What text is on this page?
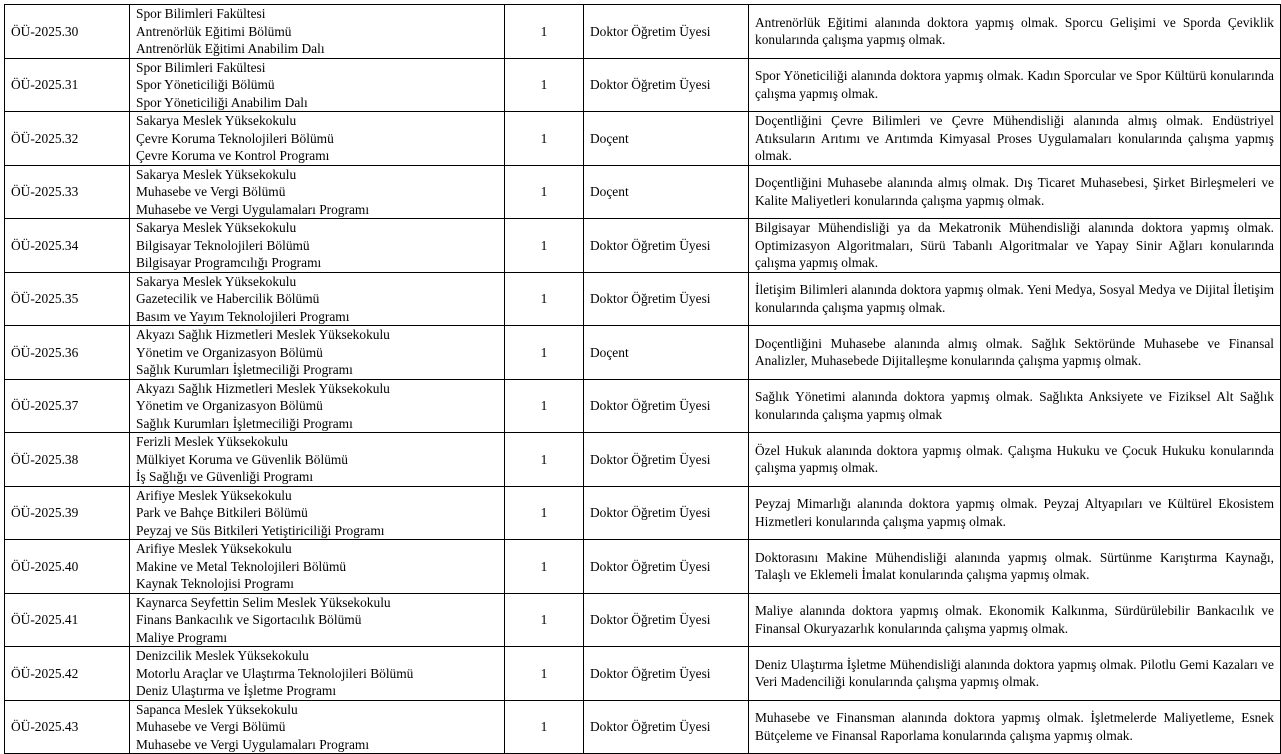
ÖÜ-2025.30	Spor Bilimleri Fakültesi
Antrenörlük Eğitimi Bölümü
Antrenörlük Eğitimi Anabilim Dalı	1	Doktor Öğretim Üyesi	Antrenörlük Eğitimi alanında doktora yapmış olmak. Sporcu Gelişimi ve Sporda Çeviklik konularında çalışma yapmış olmak.
ÖÜ-2025.31	Spor Bilimleri Fakültesi
Spor Yöneticiliği Bölümü
Spor Yöneticiliği Anabilim Dalı	1	Doktor Öğretim Üyesi	Spor Yöneticiliği alanında doktora yapmış olmak. Kadın Sporcular ve Spor Kültürü konularında çalışma yapmış olmak.
ÖÜ-2025.32	Sakarya Meslek Yüksekokulu
Çevre Koruma Teknolojileri Bölümü
Çevre Koruma ve Kontrol Programı	1	Doçent	Doçentliğini Çevre Bilimleri ve Çevre Mühendisliği alanında almış olmak. Endüstriyel Atıksuların Arıtımı ve Arıtımda Kimyasal Proses Uygulamaları konularında çalışma yapmış olmak.
ÖÜ-2025.33	Sakarya Meslek Yüksekokulu
Muhasebe ve Vergi Bölümü
Muhasebe ve Vergi Uygulamaları Programı	1	Doçent	Doçentliğini Muhasebe alanında almış olmak. Dış Ticaret Muhasebesi, Şirket Birleşmeleri ve Kalite Maliyetleri konularında çalışma yapmış olmak.
ÖÜ-2025.34	Sakarya Meslek Yüksekokulu
Bilgisayar Teknolojileri Bölümü
Bilgisayar Programcılığı Programı	1	Doktor Öğretim Üyesi	Bilgisayar Mühendisliği ya da Mekatronik Mühendisliği alanında doktora yapmış olmak. Optimizasyon Algoritmaları, Sürü Tabanlı Algoritmalar ve Yapay Sinir Ağları konularında çalışma yapmış olmak.
ÖÜ-2025.35	Sakarya Meslek Yüksekokulu
Gazetecilik ve Habercilik Bölümü
Basım ve Yayım Teknolojileri Programı	1	Doktor Öğretim Üyesi	İletişim Bilimleri alanında doktora yapmış olmak. Yeni Medya, Sosyal Medya ve Dijital İletişim konularında çalışma yapmış olmak.
ÖÜ-2025.36	Akyazı Sağlık Hizmetleri Meslek Yüksekokulu
Yönetim ve Organizasyon Bölümü
Sağlık Kurumları İşletmeciliği Programı	1	Doçent	Doçentliğini Muhasebe alanında almış olmak. Sağlık Sektöründe Muhasebe ve Finansal Analizler, Muhasebede Dijitalleşme konularında çalışma yapmış olmak.
ÖÜ-2025.37	Akyazı Sağlık Hizmetleri Meslek Yüksekokulu
Yönetim ve Organizasyon Bölümü
Sağlık Kurumları İşletmeciliği Programı	1	Doktor Öğretim Üyesi	Sağlık Yönetimi alanında doktora yapmış olmak. Sağlıkta Anksiyete ve Fiziksel Alt Sağlık konularında çalışma yapmış olmak
ÖÜ-2025.38	Ferizli Meslek Yüksekokulu
Mülkiyet Koruma ve Güvenlik Bölümü
İş Sağlığı ve Güvenliği Programı	1	Doktor Öğretim Üyesi	Özel Hukuk alanında doktora yapmış olmak. Çalışma Hukuku ve Çocuk Hukuku konularında çalışma yapmış olmak.
ÖÜ-2025.39	Arifiye Meslek Yüksekokulu
Park ve Bahçe Bitkileri Bölümü
Peyzaj ve Süs Bitkileri Yetiştiriciliği Programı	1	Doktor Öğretim Üyesi	Peyzaj Mimarlığı alanında doktora yapmış olmak. Peyzaj Altyapıları ve Kültürel Ekosistem Hizmetleri konularında çalışma yapmış olmak.
ÖÜ-2025.40	Arifiye Meslek Yüksekokulu
Makine ve Metal Teknolojileri Bölümü
Kaynak Teknolojisi Programı	1	Doktor Öğretim Üyesi	Doktorasını Makine Mühendisliği alanında yapmış olmak. Sürtünme Karıştırma Kaynağı, Talaşlı ve Eklemeli İmalat konularında çalışma yapmış olmak.
ÖÜ-2025.41	Kaynarca Seyfettin Selim Meslek Yüksekokulu
Finans Bankacılık ve Sigortacılık Bölümü
Maliye Programı	1	Doktor Öğretim Üyesi	Maliye alanında doktora yapmış olmak. Ekonomik Kalkınma, Sürdürülebilir Bankacılık ve Finansal Okuryazarlık konularında çalışma yapmış olmak.
ÖÜ-2025.42	Denizcilik Meslek Yüksekokulu
Motorlu Araçlar ve Ulaştırma Teknolojileri Bölümü
Deniz Ulaştırma ve İşletme Programı	1	Doktor Öğretim Üyesi	Deniz Ulaştırma İşletme Mühendisliği alanında doktora yapmış olmak. Pilotlu Gemi Kazaları ve Veri Madenciliği konularında çalışma yapmış olmak.
ÖÜ-2025.43	Sapanca Meslek Yüksekokulu
Muhasebe ve Vergi Bölümü
Muhasebe ve Vergi Uygulamaları Programı	1	Doktor Öğretim Üyesi	Muhasebe ve Finansman alanında doktora yapmış olmak. İşletmelerde Maliyetleme, Esnek Bütçeleme ve Finansal Raporlama konularında çalışma yapmış olmak.
